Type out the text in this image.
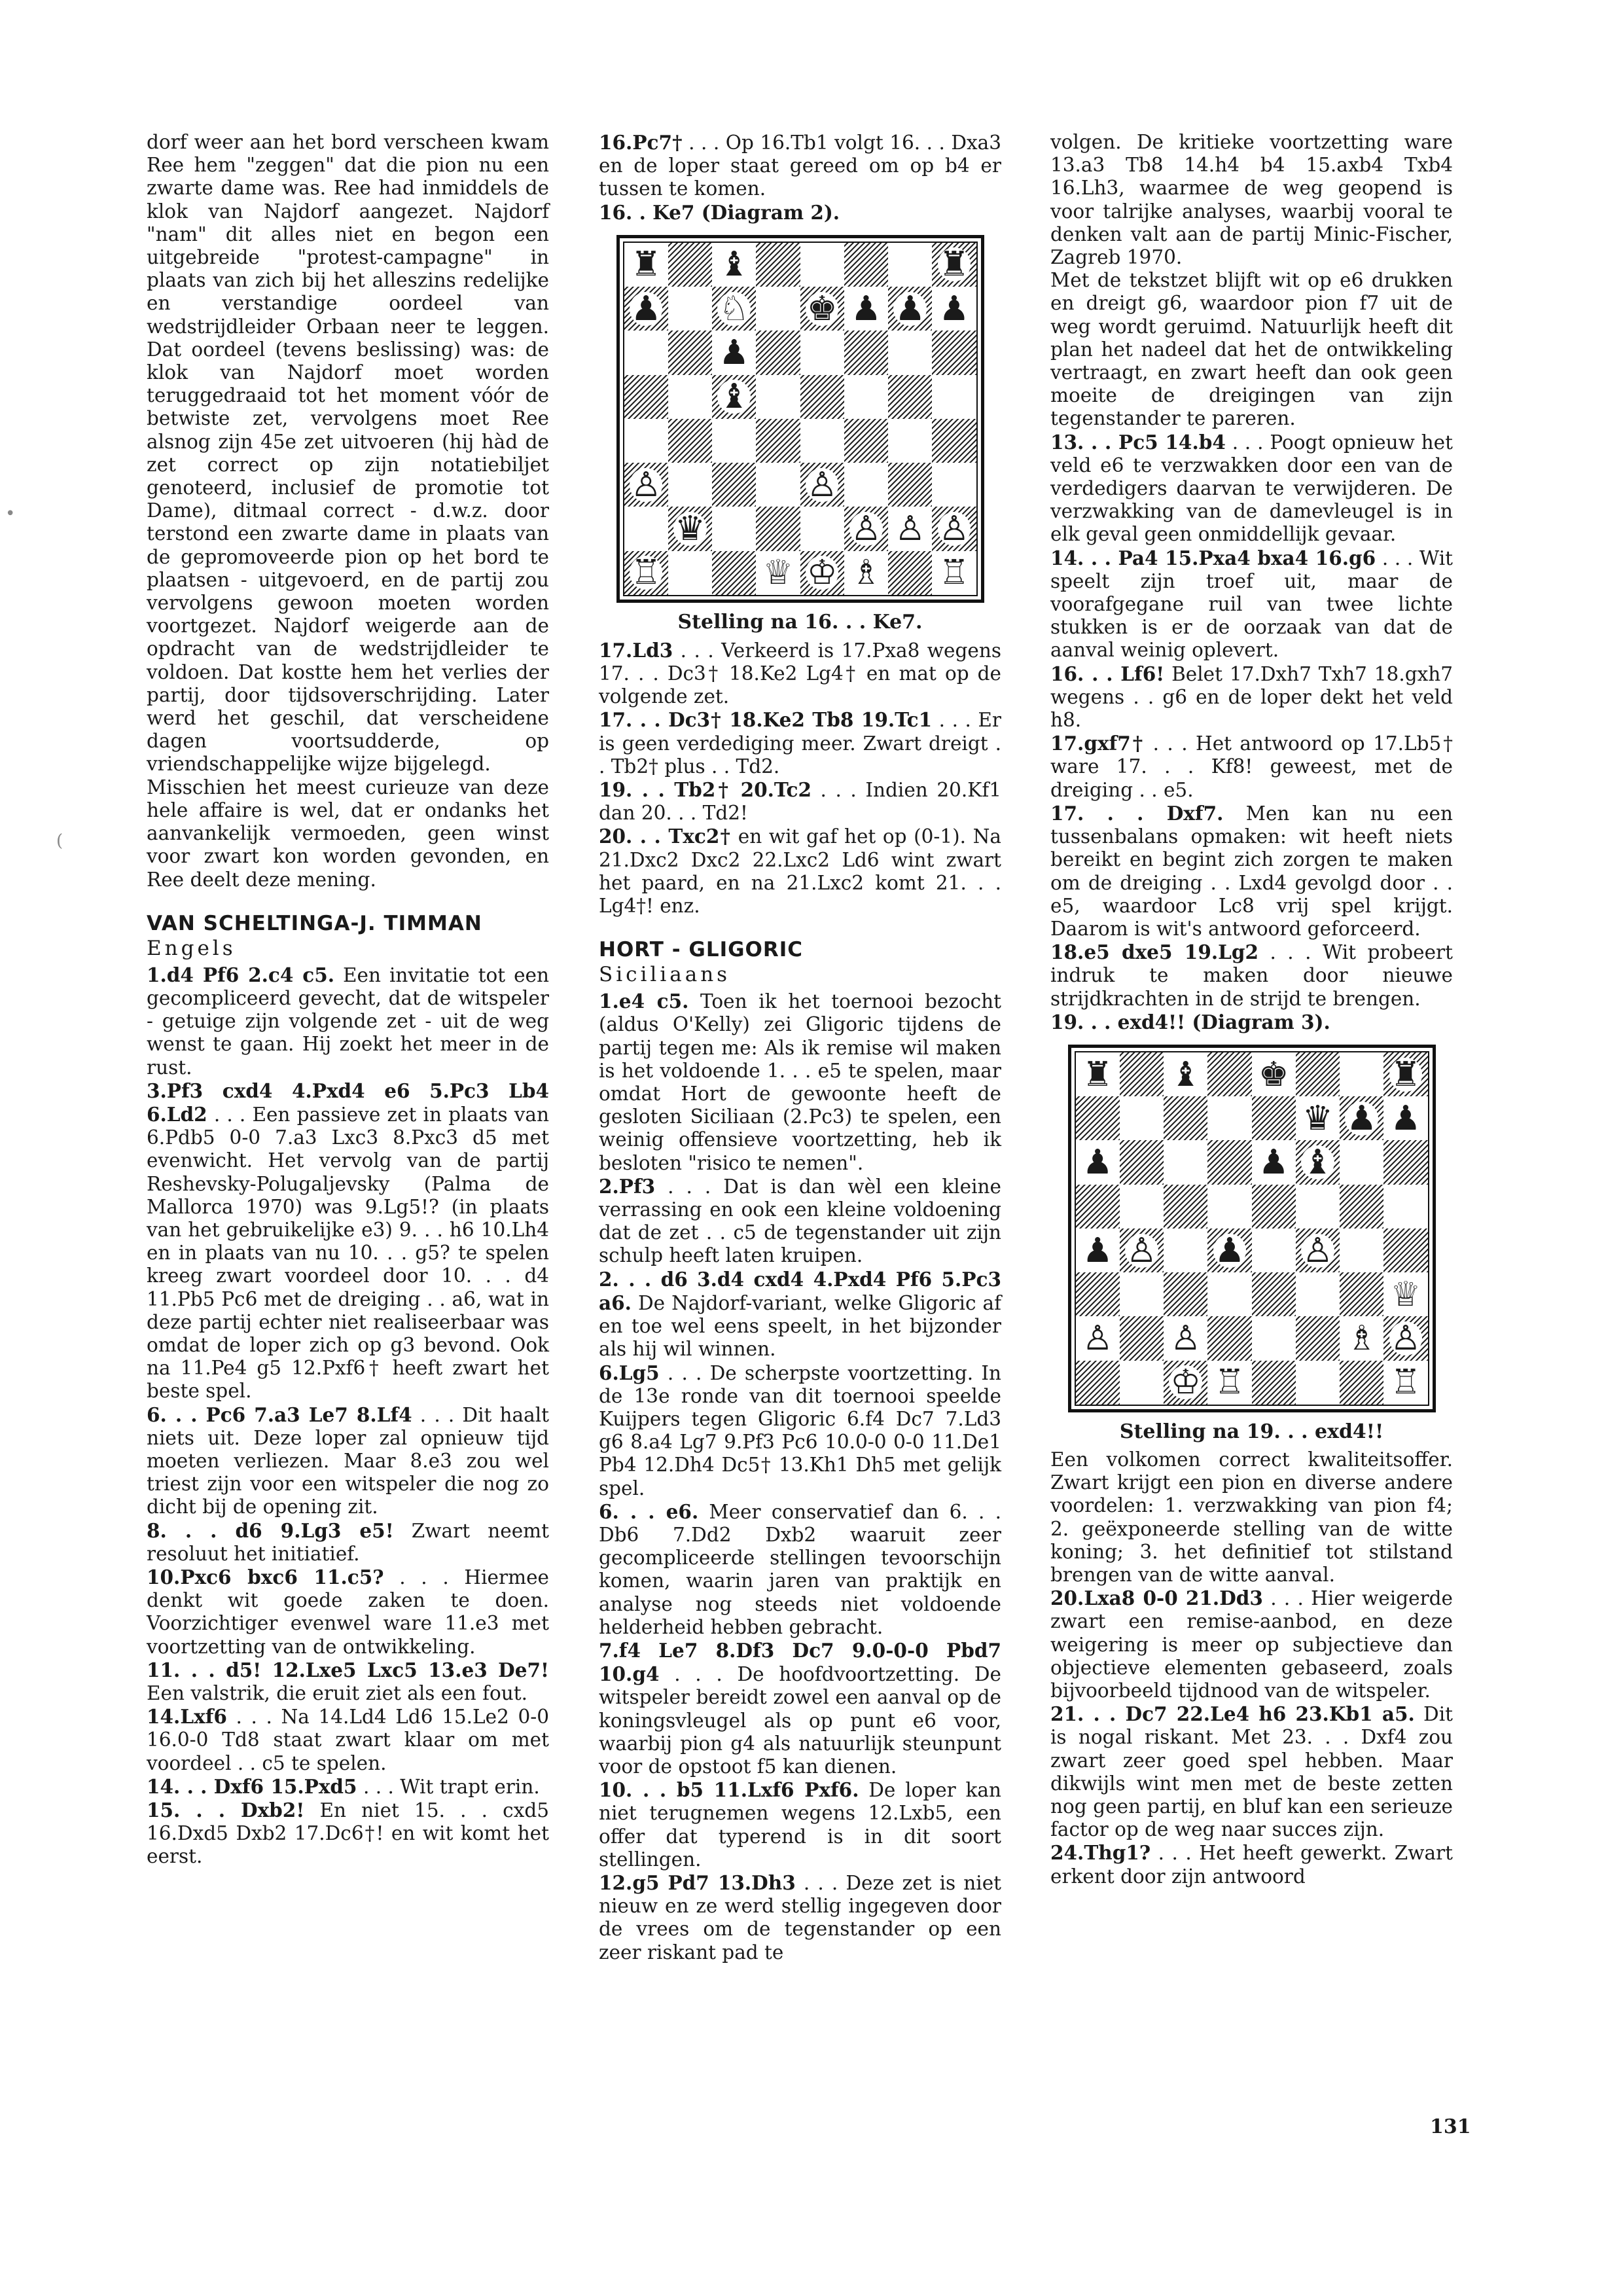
dorf weer aan het bord verscheen kwam Ree hem "zeggen" dat die pion nu een zwarte dame was. Ree had inmiddels de klok van Najdorf aangezet. Najdorf "nam" dit alles niet en begon een uitgebreide "protest-campagne" in plaats van zich bij het alleszins redelijke en verstandige oordeel van wedstrijdleider Orbaan neer te leggen. Dat oordeel (tevens beslissing) was: de klok van Najdorf moet worden teruggedraaid tot het moment vóór de betwiste zet, vervolgens moet Ree alsnog zijn 45e zet uitvoeren (hij hàd de zet correct op zijn notatiebiljet genoteerd, inclusief de promotie tot Dame), ditmaal correct - d.w.z. door terstond een zwarte dame in plaats van de gepromoveerde pion op het bord te plaatsen - uitgevoerd, en de partij zou vervolgens gewoon moeten worden voortgezet. Najdorf weigerde aan de opdracht van de wedstrijdleider te voldoen. Dat kostte hem het verlies der partij, door tijdsoverschrijding. Later werd het geschil, dat verscheidene dagen voortsudderde, op vriendschappelijke wijze bijgelegd.

Misschien het meest curieuze van deze hele affaire is wel, dat er ondanks het aanvankelijk vermoeden, geen winst voor zwart kon worden gevonden, en Ree deelt deze mening.

VAN SCHELTINGA-J. TIMMAN
Engels

1.d4 Pf6 2.c4 c5. Een invitatie tot een gecompliceerd gevecht, dat de witspeler - getuige zijn volgende zet - uit de weg wenst te gaan. Hij zoekt het meer in de rust.

3.Pf3 cxd4 4.Pxd4 e6 5.Pc3 Lb4 6.Ld2 . . . Een passieve zet in plaats van 6.Pdb5 0-0 7.a3 Lxc3 8.Pxc3 d5 met evenwicht. Het vervolg van de partij Reshevsky-Polugaljevsky (Palma de Mallorca 1970) was 9.Lg5!? (in plaats van het gebruikelijke e3) 9. . . h6 10.Lh4 en in plaats van nu 10. . . g5? te spelen kreeg zwart voordeel door 10. . . d4 11.Pb5 Pc6 met de dreiging . . a6, wat in deze partij echter niet realiseerbaar was omdat de loper zich op g3 bevond. Ook na 11.Pe4 g5 12.Pxf6† heeft zwart het beste spel.

6. . . Pc6 7.a3 Le7 8.Lf4 . . . Dit haalt niets uit. Deze loper zal opnieuw tijd moeten verliezen. Maar 8.e3 zou wel triest zijn voor een witspeler die nog zo dicht bij de opening zit.

8. . . d6 9.Lg3 e5! Zwart neemt resoluut het initiatief.

10.Pxc6 bxc6 11.c5? . . . Hiermee denkt wit goede zaken te doen. Voorzichtiger evenwel ware 11.e3 met voortzetting van de ontwikkeling.

11. . . d5! 12.Lxe5 Lxc5 13.e3 De7! Een valstrik, die eruit ziet als een fout.

14.Lxf6 . . . Na 14.Ld4 Ld6 15.Le2 0-0 16.0-0 Td8 staat zwart klaar om met voordeel . . c5 te spelen.

14. . . Dxf6 15.Pxd5 . . . Wit trapt erin.

15. . . Dxb2! En niet 15. . . cxd5 16.Dxd5 Dxb2 17.Dc6†! en wit komt het eerst.

16.Pc7† . . . Op 16.Tb1 volgt 16. . . Dxa3 en de loper staat gereed om op b4 er tussen te komen.

16. . Ke7 (Diagram 2).

♜ ♝	♜
♟ ♘ ♚ ♟ ♟ ♟
♟
♝
♙	♙
♛	♙ ♙ ♙
♖	♕ ♔ ♗ ♖
Stelling na 16. . . Ke7.

17.Ld3 . . . Verkeerd is 17.Pxa8 wegens 17. . . Dc3† 18.Ke2 Lg4† en mat op de volgende zet.

17. . . Dc3† 18.Ke2 Tb8 19.Tc1 . . . Er is geen verdediging meer. Zwart dreigt . . Tb2† plus . . Td2.

19. . . Tb2† 20.Tc2 . . . Indien 20.Kf1 dan 20. . . Td2!

20. . . Txc2† en wit gaf het op (0-1). Na 21.Dxc2 Dxc2 22.Lxc2 Ld6 wint zwart het paard, en na 21.Lxc2 komt 21. . . Lg4†! enz.

HORT - GLIGORIC
Siciliaans

1.e4 c5. Toen ik het toernooi bezocht (aldus O'Kelly) zei Gligoric tijdens de partij tegen me: Als ik remise wil maken is het voldoende 1. . . e5 te spelen, maar omdat Hort de gewoonte heeft de gesloten Siciliaan (2.Pc3) te spelen, een weinig offensieve voortzetting, heb ik besloten "risico te nemen".

2.Pf3 . . . Dat is dan wèl een kleine verrassing en ook een kleine voldoening dat de zet . . c5 de tegenstander uit zijn schulp heeft laten kruipen.

2. . . d6 3.d4 cxd4 4.Pxd4 Pf6 5.Pc3 a6. De Najdorf-variant, welke Gligoric af en toe wel eens speelt, in het bijzonder als hij wil winnen.

6.Lg5 . . . De scherpste voortzetting. In de 13e ronde van dit toernooi speelde Kuijpers tegen Gligoric 6.f4 Dc7 7.Ld3 g6 8.a4 Lg7 9.Pf3 Pc6 10.0-0 0-0 11.De1 Pb4 12.Dh4 Dc5† 13.Kh1 Dh5 met gelijk spel.

6. . . e6. Meer conservatief dan 6. . . Db6 7.Dd2 Dxb2 waaruit zeer gecompliceerde stellingen tevoorschijn komen, waarin jaren van praktijk en analyse nog steeds niet voldoende helderheid hebben gebracht.

7.f4 Le7 8.Df3 Dc7 9.0-0-0 Pbd7 10.g4 . . . De hoofdvoortzetting. De witspeler bereidt zowel een aanval op de koningsvleugel als op punt e6 voor, waarbij pion g4 als natuurlijk steunpunt voor de opstoot f5 kan dienen.

10. . . b5 11.Lxf6 Pxf6. De loper kan niet terugnemen wegens 12.Lxb5, een offer dat typerend is in dit soort stellingen.

12.g5 Pd7 13.Dh3 . . . Deze zet is niet nieuw en ze werd stellig ingegeven door de vrees om de tegenstander op een zeer riskant pad te

volgen. De kritieke voortzetting ware 13.a3 Tb8 14.h4 b4 15.axb4 Txb4 16.Lh3, waarmee de weg geopend is voor talrijke analyses, waarbij vooral te denken valt aan de partij Minic-Fischer, Zagreb 1970.

Met de tekstzet blijft wit op e6 drukken en dreigt g6, waardoor pion f7 uit de weg wordt geruimd. Natuurlijk heeft dit plan het nadeel dat het de ontwikkeling vertraagt, en zwart heeft dan ook geen moeite de dreigingen van zijn tegenstander te pareren.

13. . . Pc5 14.b4 . . . Poogt opnieuw het veld e6 te verzwakken door een van de verdedigers daarvan te verwijderen. De verzwakking van de damevleugel is in elk geval geen onmiddellijk gevaar.

14. . . Pa4 15.Pxa4 bxa4 16.g6 . . . Wit speelt zijn troef uit, maar de voorafgegane ruil van twee lichte stukken is er de oorzaak van dat de aanval weinig oplevert.

16. . . Lf6! Belet 17.Dxh7 Txh7 18.gxh7 wegens . . g6 en de loper dekt het veld h8.

17.gxf7† . . . Het antwoord op 17.Lb5† ware 17. . . Kf8! geweest, met de dreiging . . e5.

17. . . Dxf7. Men kan nu een tussenbalans opmaken: wit heeft niets bereikt en begint zich zorgen te maken om de dreiging . . Lxd4 gevolgd door . . e5, waardoor Lc8 vrij spel krijgt. Daarom is wit's antwoord geforceerd.

18.e5 dxe5 19.Lg2 . . . Wit probeert indruk te maken door nieuwe strijdkrachten in de strijd te brengen.

19. . . exd4!! (Diagram 3).

♜ ♝ ♚	♜
♛ ♟ ♟
♟	♟ ♝
♟ ♙ ♟ ♙
♕
♙ ♙	♗ ♙
♔ ♖	♖
Stelling na 19. . . exd4!!

Een volkomen correct kwaliteitsoffer. Zwart krijgt een pion en diverse andere voordelen: 1. verzwakking van pion f4; 2. geëxponeerde stelling van de witte koning; 3. het definitief tot stilstand brengen van de witte aanval.

20.Lxa8 0-0 21.Dd3 . . . Hier weigerde zwart een remise-aanbod, en deze weigering is meer op subjectieve dan objectieve elementen gebaseerd, zoals bijvoorbeeld tijdnood van de witspeler.

21. . . Dc7 22.Le4 h6 23.Kb1 a5. Dit is nogal riskant. Met 23. . . Dxf4 zou zwart zeer goed spel hebben. Maar dikwijls wint men met de beste zetten nog geen partij, en bluf kan een serieuze factor op de weg naar succes zijn.

24.Thg1? . . . Het heeft gewerkt. Zwart erkent door zijn antwoord

131
•
(
